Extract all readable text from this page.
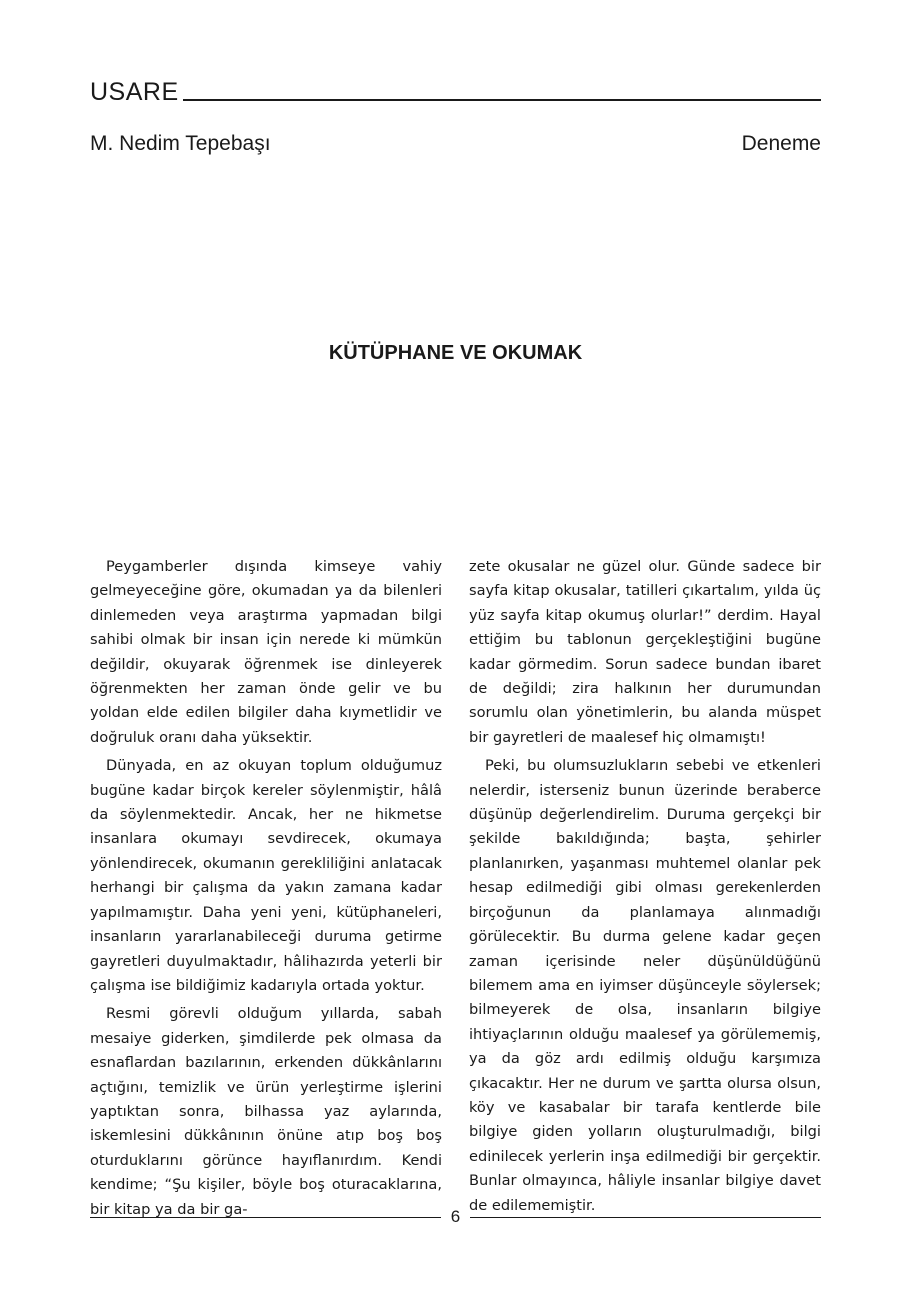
USARE
M. Nedim Tepebaşı	Deneme
KÜTÜPHANE VE OKUMAK

Peygamberler dışında kimseye vahiy gelmeyeceğine göre, okumadan ya da bilenleri dinlemeden veya araştırma yapmadan bilgi sahibi olmak bir insan için nerede ki mümkün değildir, okuyarak öğrenmek ise dinleyerek öğrenmekten her zaman önde gelir ve bu yoldan elde edilen bilgiler daha kıymetlidir ve doğruluk oranı daha yüksektir.

Dünyada, en az okuyan toplum olduğumuz bugüne kadar birçok kereler söylenmiştir, hâlâ da söylenmektedir. Ancak, her ne hikmetse insanlara okumayı sevdirecek, okumaya yönlendirecek, okumanın gerekliliğini anlatacak herhangi bir çalışma da yakın zamana kadar yapılmamıştır. Daha yeni yeni, kütüphaneleri, insanların yararlanabileceği duruma getirme gayretleri duyulmaktadır, hâlihazırda yeterli bir çalışma ise bildiğimiz kadarıyla ortada yoktur.

Resmi görevli olduğum yıllarda, sabah mesaiye giderken, şimdilerde pek olmasa da esnaflardan bazılarının, erkenden dükkânlarını açtığını, temizlik ve ürün yerleştirme işlerini yaptıktan sonra, bilhassa yaz aylarında, iskemlesini dükkânının önüne atıp boş boş oturduklarını görünce hayıflanırdım. Kendi kendime; “Şu kişiler, böyle boş oturacaklarına, bir kitap ya da bir ga-

zete okusalar ne güzel olur. Günde sadece bir sayfa kitap okusalar, tatilleri çıkartalım, yılda üç yüz sayfa kitap okumuş olurlar!” derdim. Hayal ettiğim bu tablonun gerçekleştiğini bugüne kadar görmedim. Sorun sadece bundan ibaret de değildi; zira halkının her durumundan sorumlu olan yönetimlerin, bu alanda müspet bir gayretleri de maalesef hiç olmamıştı!

Peki, bu olumsuzlukların sebebi ve etkenleri nelerdir, isterseniz bunun üzerinde beraberce düşünüp değerlendirelim. Duruma gerçekçi bir şekilde bakıldığında; başta, şehirler planlanırken, yaşanması muhtemel olanlar pek hesap edilmediği gibi olması gerekenlerden birçoğunun da planlamaya alınmadığı görülecektir. Bu durma gelene kadar geçen zaman içerisinde neler düşünüldüğünü bilemem ama en iyimser düşünceyle söylersek; bilmeyerek de olsa, insanların bilgiye ihtiyaçlarının olduğu maalesef ya görülememiş, ya da göz ardı edilmiş olduğu karşımıza çıkacaktır. Her ne durum ve şartta olursa olsun, köy ve kasabalar bir tarafa kentlerde bile bilgiye giden yolların oluşturulmadığı, bilgi edinilecek yerlerin inşa edilmediği bir gerçektir. Bunlar olmayınca, hâliyle insanlar bilgiye davet de edilememiştir.

6
